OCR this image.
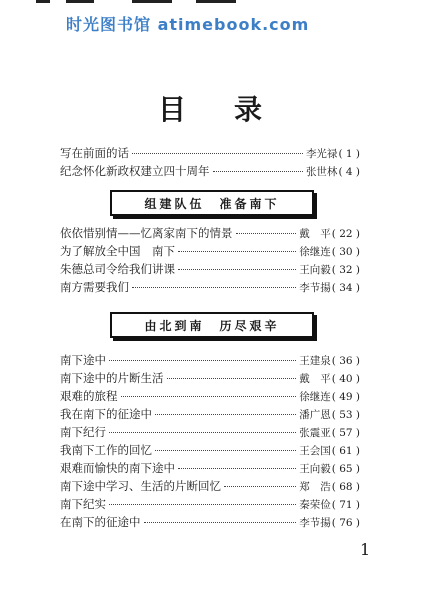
时光图书馆 atimebook.com
目录
写在前面的话	李光禄 ( 1 )
纪念怀化新政权建立四十周年	张世林 ( 4 )
组建队伍　准备南下
依依惜别情——忆离家南下的情景	戴　平 ( 22 )
为了解放全中国　南下	徐继连 ( 30 )
朱德总司令给我们讲课	王向毅 ( 32 )
南方需要我们	李节揚 ( 34 )
由北到南　历尽艰辛
南下途中	王建泉 ( 36 )
南下途中的片断生活	戴　平 ( 40 )
艰难的旅程	徐继连 ( 49 )
我在南下的征途中	潘广恩 ( 53 )
南下纪行	张震亚 ( 57 )
我南下工作的回忆	王会国 ( 61 )
艰难而愉快的南下途中	王向毅 ( 65 )
南下途中学习、生活的片断回忆	郑　浩 ( 68 )
南下纪实	秦荣俭 ( 71 )
在南下的征途中	李节揚 ( 76 )
1
